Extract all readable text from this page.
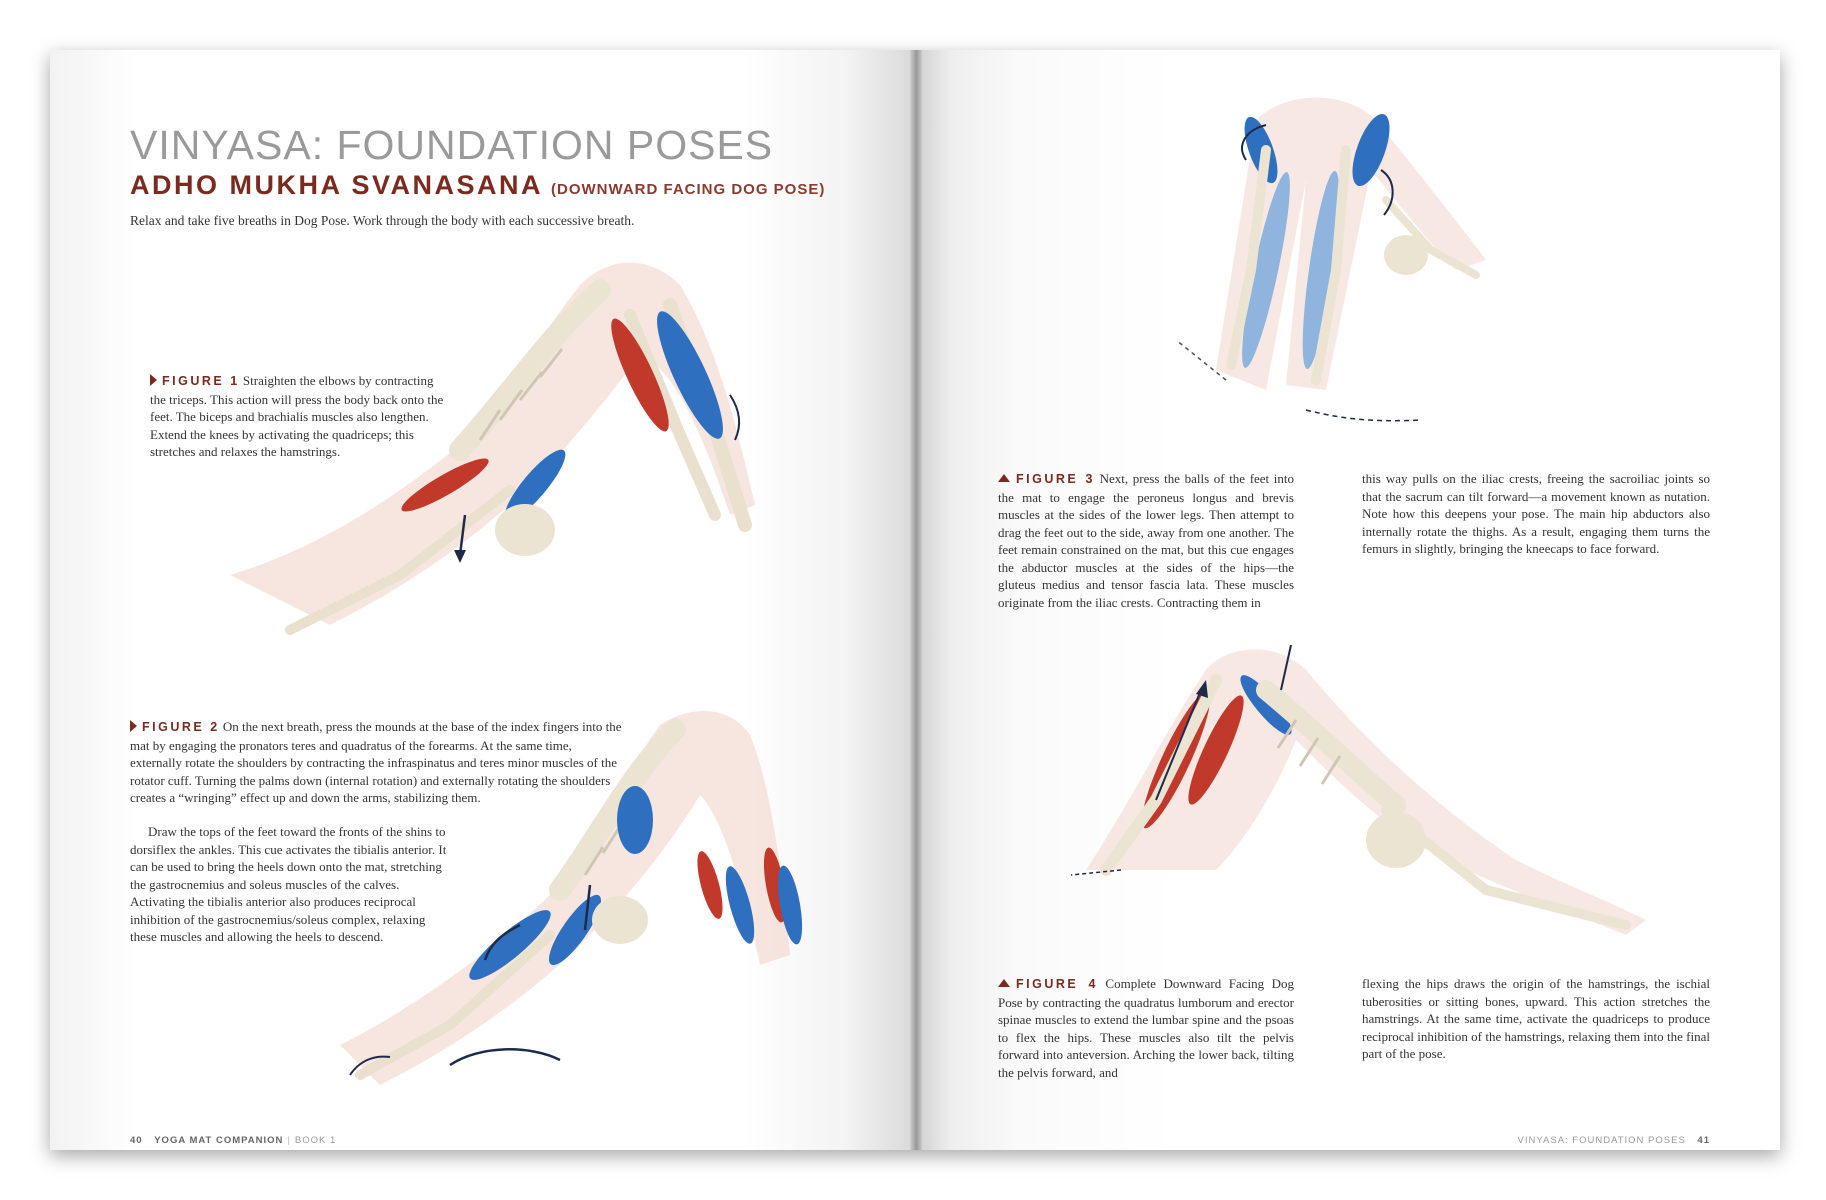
VINYASA: FOUNDATION POSES
ADHO MUKHA SVANASANA (DOWNWARD FACING DOG POSE)

Relax and take five breaths in Dog Pose. Work through the body with each successive breath.

FIGURE 1 Straighten the elbows by contracting the triceps. This action will press the body back onto the feet. The biceps and brachialis muscles also lengthen. Extend the knees by activating the quadriceps; this stretches and relaxes the hamstrings.

FIGURE 2 On the next breath, press the mounds at the base of the index fingers into the mat by engaging the pronators teres and quadratus of the forearms. At the same time, externally rotate the shoulders by contracting the infraspinatus and teres minor muscles of the rotator cuff. Turning the palms down (internal rotation) and externally rotating the shoulders creates a “wringing” effect up and down the arms, stabilizing them.

Draw the tops of the feet toward the fronts of the shins to dorsiflex the ankles. This cue activates the tibialis anterior. It can be used to bring the heels down onto the mat, stretching the gastrocnemius and soleus muscles of the calves. Activating the tibialis anterior also produces reciprocal inhibition of the gastrocnemius/soleus complex, relaxing these muscles and allowing the heels to descend.

40 YOGA MAT COMPANION | BOOK 1

FIGURE 3 Next, press the balls of the feet into the mat to engage the peroneus longus and brevis muscles at the sides of the lower legs. Then attempt to drag the feet out to the side, away from one another. The feet remain constrained on the mat, but this cue engages the abductor muscles at the sides of the hips—the gluteus medius and tensor fascia lata. These muscles originate from the iliac crests. Contracting them in

this way pulls on the iliac crests, freeing the sacroiliac joints so that the sacrum can tilt forward—a movement known as nutation. Note how this deepens your pose. The main hip abductors also internally rotate the thighs. As a result, engaging them turns the femurs in slightly, bringing the kneecaps to face forward.

FIGURE 4 Complete Downward Facing Dog Pose by contracting the quadratus lumborum and erector spinae muscles to extend the lumbar spine and the psoas to flex the hips. These muscles also tilt the pelvis forward into anteversion. Arching the lower back, tilting the pelvis forward, and

flexing the hips draws the origin of the hamstrings, the ischial tuberosities or sitting bones, upward. This action stretches the hamstrings. At the same time, activate the quadriceps to produce reciprocal inhibition of the hamstrings, relaxing them into the final part of the pose.

VINYASA: FOUNDATION POSES 41
